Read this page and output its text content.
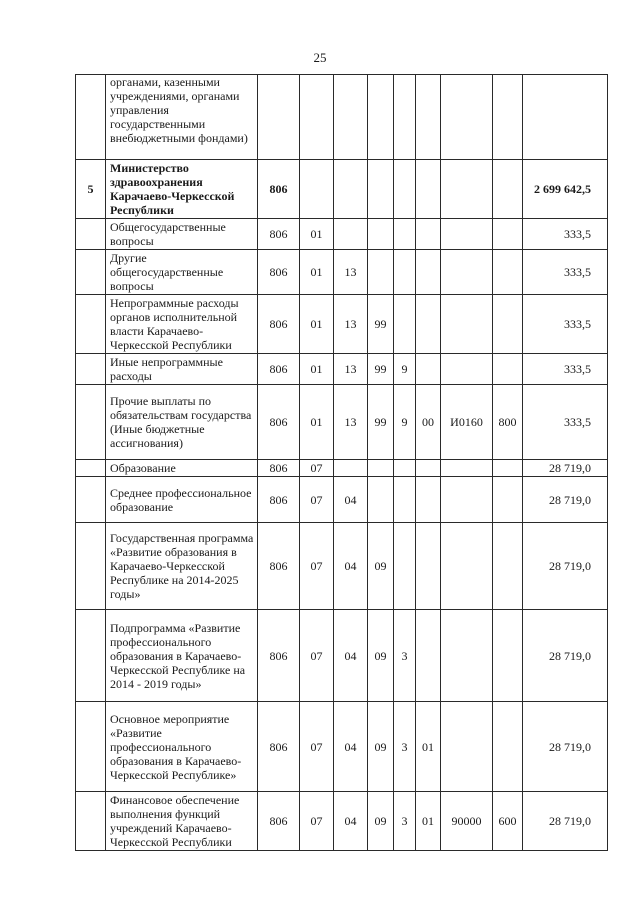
25
	органами, казенными учреждениями, органами управления государственными внебюджетными фондами)									
5	Министерство здравоохранения Карачаево-Черкесской Республики	806								2 699 642,5
	Общегосударственные вопросы	806	01							333,5
	Другие общегосударственные вопросы	806	01	13						333,5
	Непрограммные расходы органов исполнительной власти Карачаево-Черкесской Республики	806	01	13	99					333,5
	Иные непрограммные расходы	806	01	13	99	9				333,5
	Прочие выплаты по обязательствам государства (Иные бюджетные ассигнования)	806	01	13	99	9	00	И0160	800	333,5
	Образование	806	07							28 719,0
	Среднее профессиональное образование	806	07	04						28 719,0
	Государственная программа «Развитие образования в Карачаево-Черкесской Республике на 2014-2025 годы»	806	07	04	09					28 719,0
	Подпрограмма «Развитие профессионального образования в Карачаево-Черкесской Республике на 2014 - 2019 годы»	806	07	04	09	3				28 719,0
	Основное мероприятие «Развитие профессионального образования в Карачаево-Черкесской Республике»	806	07	04	09	3	01			28 719,0
	Финансовое обеспечение выполнения функций учреждений Карачаево-Черкесской Республики	806	07	04	09	3	01	90000	600	28 719,0
